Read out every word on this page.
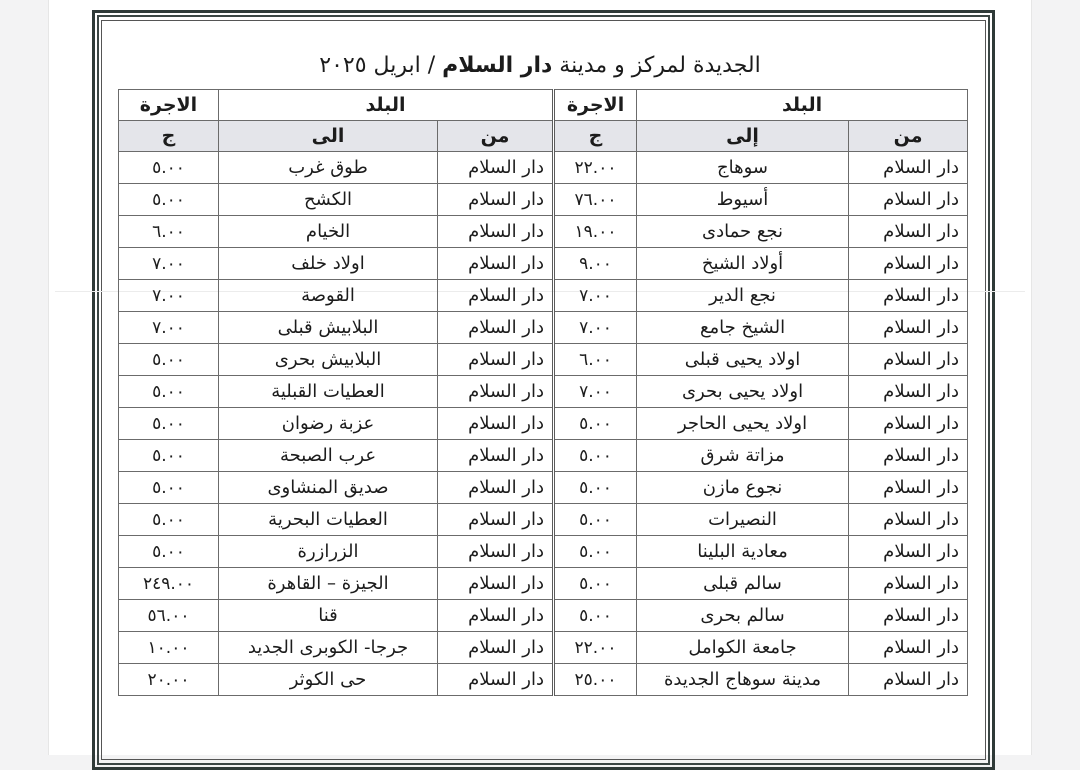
الجديدة لمركز و مدينة دار السلام / ابريل ٢٠٢٥
البلد		الاجرة	البلد		الاجرة
من	إلى	ج	من	الى	ج
دار السلام	سوهاج	٢٢.٠٠	دار السلام	طوق غرب	٥.٠٠
دار السلام	أسيوط	٧٦.٠٠	دار السلام	الكشح	٥.٠٠
دار السلام	نجع حمادى	١٩.٠٠	دار السلام	الخيام	٦.٠٠
دار السلام	أولاد الشيخ	٩.٠٠	دار السلام	اولاد خلف	٧.٠٠
دار السلام	نجع الدير	٧.٠٠	دار السلام	القوصة	٧.٠٠
دار السلام	الشيخ جامع	٧.٠٠	دار السلام	البلابيش قبلى	٧.٠٠
دار السلام	اولاد يحيى قبلى	٦.٠٠	دار السلام	البلابيش بحرى	٥.٠٠
دار السلام	اولاد يحيى بحرى	٧.٠٠	دار السلام	العطيات القبلية	٥.٠٠
دار السلام	اولاد يحيى الحاجر	٥.٠٠	دار السلام	عزبة رضوان	٥.٠٠
دار السلام	مزاتة شرق	٥.٠٠	دار السلام	عرب الصبحة	٥.٠٠
دار السلام	نجوع مازن	٥.٠٠	دار السلام	صديق المنشاوى	٥.٠٠
دار السلام	النصيرات	٥.٠٠	دار السلام	العطيات البحرية	٥.٠٠
دار السلام	معادية البلينا	٥.٠٠	دار السلام	الزرازرة	٥.٠٠
دار السلام	سالم قبلى	٥.٠٠	دار السلام	الجيزة – القاهرة	٢٤٩.٠٠
دار السلام	سالم بحرى	٥.٠٠	دار السلام	قنا	٥٦.٠٠
دار السلام	جامعة الكوامل	٢٢.٠٠	دار السلام	جرجا- الكوبرى الجديد	١٠.٠٠
دار السلام	مدينة سوهاج الجديدة	٢٥.٠٠	دار السلام	حى الكوثر	٢٠.٠٠
